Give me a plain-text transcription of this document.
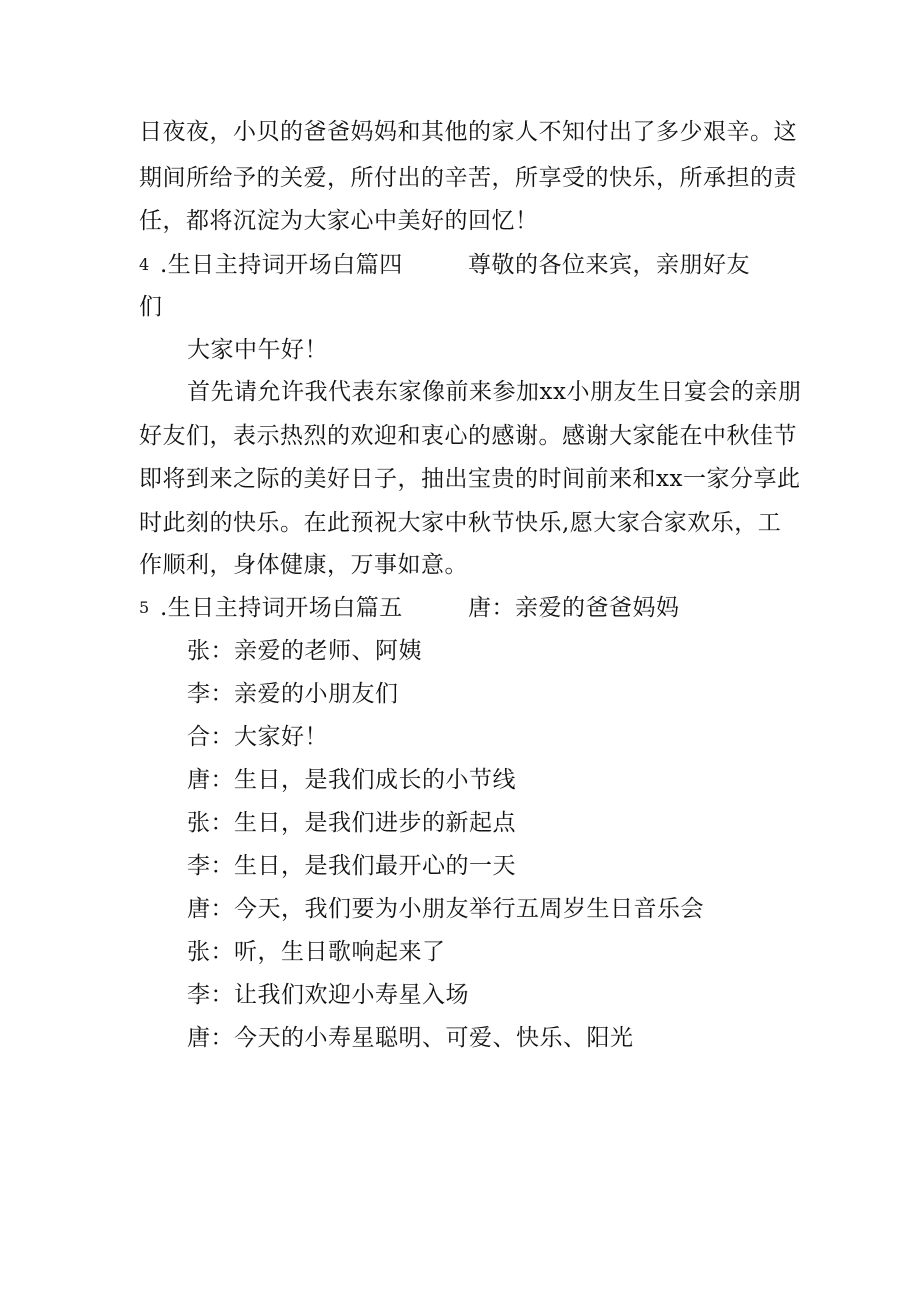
日夜夜，小贝的爸爸妈妈和其他的家人不知付出了多少艰辛。这
期间所给予的关爱，所付出的辛苦，所享受的快乐，所承担的责
任，都将沉淀为大家心中美好的回忆！
4 .生日主持词开场白篇四	尊敬的各位来宾，亲朋好友
们
大家中午好！
首先请允许我代表东家像前来参加xx小朋友生日宴会的亲朋
好友们，表示热烈的欢迎和衷心的感谢。感谢大家能在中秋佳节
即将到来之际的美好日子，抽出宝贵的时间前来和xx一家分享此
时此刻的快乐。在此预祝大家中秋节快乐,愿大家合家欢乐，工
作顺利，身体健康，万事如意。
5 .生日主持词开场白篇五	唐：亲爱的爸爸妈妈
张：亲爱的老师、阿姨
李：亲爱的小朋友们
合：大家好！
唐：生日，是我们成长的小节线
张：生日，是我们进步的新起点
李：生日，是我们最开心的一天
唐：今天，我们要为小朋友举行五周岁生日音乐会
张：听，生日歌响起来了
李：让我们欢迎小寿星入场
唐：今天的小寿星聪明、可爱、快乐、阳光
